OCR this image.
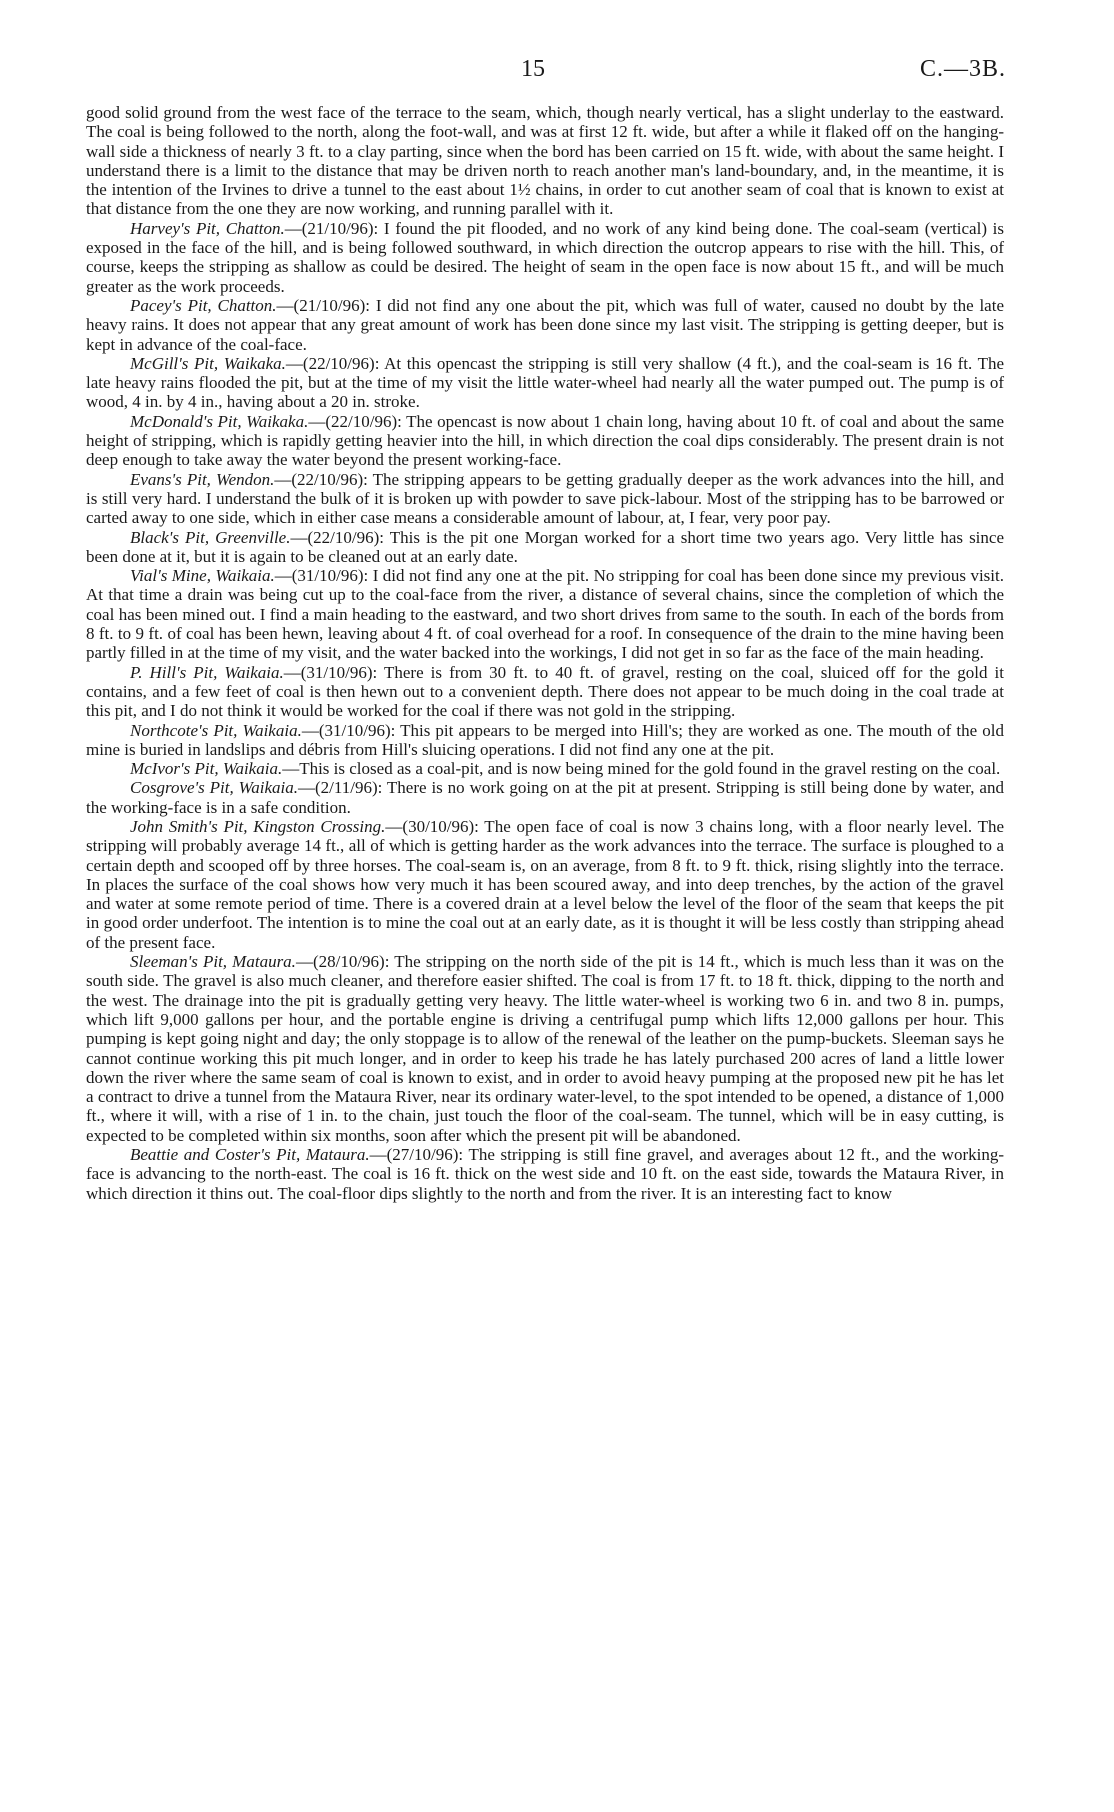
15	C.—3B.

good solid ground from the west face of the terrace to the seam, which, though nearly vertical, has a slight underlay to the eastward. The coal is being followed to the north, along the foot-wall, and was at first 12 ft. wide, but after a while it flaked off on the hanging-wall side a thickness of nearly 3 ft. to a clay parting, since when the bord has been carried on 15 ft. wide, with about the same height. I understand there is a limit to the distance that may be driven north to reach another man's land-boundary, and, in the meantime, it is the intention of the Irvines to drive a tunnel to the east about 1½ chains, in order to cut another seam of coal that is known to exist at that distance from the one they are now working, and running parallel with it.

Harvey's Pit, Chatton.—(21/10/96): I found the pit flooded, and no work of any kind being done. The coal-seam (vertical) is exposed in the face of the hill, and is being followed southward, in which direction the outcrop appears to rise with the hill. This, of course, keeps the stripping as shallow as could be desired. The height of seam in the open face is now about 15 ft., and will be much greater as the work proceeds.

Pacey's Pit, Chatton.—(21/10/96): I did not find any one about the pit, which was full of water, caused no doubt by the late heavy rains. It does not appear that any great amount of work has been done since my last visit. The stripping is getting deeper, but is kept in advance of the coal-face.

McGill's Pit, Waikaka.—(22/10/96): At this opencast the stripping is still very shallow (4 ft.), and the coal-seam is 16 ft. The late heavy rains flooded the pit, but at the time of my visit the little water-wheel had nearly all the water pumped out. The pump is of wood, 4 in. by 4 in., having about a 20 in. stroke.

McDonald's Pit, Waikaka.—(22/10/96): The opencast is now about 1 chain long, having about 10 ft. of coal and about the same height of stripping, which is rapidly getting heavier into the hill, in which direction the coal dips considerably. The present drain is not deep enough to take away the water beyond the present working-face.

Evans's Pit, Wendon.—(22/10/96): The stripping appears to be getting gradually deeper as the work advances into the hill, and is still very hard. I understand the bulk of it is broken up with powder to save pick-labour. Most of the stripping has to be barrowed or carted away to one side, which in either case means a considerable amount of labour, at, I fear, very poor pay.

Black's Pit, Greenville.—(22/10/96): This is the pit one Morgan worked for a short time two years ago. Very little has since been done at it, but it is again to be cleaned out at an early date.

Vial's Mine, Waikaia.—(31/10/96): I did not find any one at the pit. No stripping for coal has been done since my previous visit. At that time a drain was being cut up to the coal-face from the river, a distance of several chains, since the completion of which the coal has been mined out. I find a main heading to the eastward, and two short drives from same to the south. In each of the bords from 8 ft. to 9 ft. of coal has been hewn, leaving about 4 ft. of coal overhead for a roof. In consequence of the drain to the mine having been partly filled in at the time of my visit, and the water backed into the workings, I did not get in so far as the face of the main heading.

P. Hill's Pit, Waikaia.—(31/10/96): There is from 30 ft. to 40 ft. of gravel, resting on the coal, sluiced off for the gold it contains, and a few feet of coal is then hewn out to a convenient depth. There does not appear to be much doing in the coal trade at this pit, and I do not think it would be worked for the coal if there was not gold in the stripping.

Northcote's Pit, Waikaia.—(31/10/96): This pit appears to be merged into Hill's; they are worked as one. The mouth of the old mine is buried in landslips and débris from Hill's sluicing operations. I did not find any one at the pit.

McIvor's Pit, Waikaia.—This is closed as a coal-pit, and is now being mined for the gold found in the gravel resting on the coal.

Cosgrove's Pit, Waikaia.—(2/11/96): There is no work going on at the pit at present. Stripping is still being done by water, and the working-face is in a safe condition.

John Smith's Pit, Kingston Crossing.—(30/10/96): The open face of coal is now 3 chains long, with a floor nearly level. The stripping will probably average 14 ft., all of which is getting harder as the work advances into the terrace. The surface is ploughed to a certain depth and scooped off by three horses. The coal-seam is, on an average, from 8 ft. to 9 ft. thick, rising slightly into the terrace. In places the surface of the coal shows how very much it has been scoured away, and into deep trenches, by the action of the gravel and water at some remote period of time. There is a covered drain at a level below the level of the floor of the seam that keeps the pit in good order underfoot. The intention is to mine the coal out at an early date, as it is thought it will be less costly than stripping ahead of the present face.

Sleeman's Pit, Mataura.—(28/10/96): The stripping on the north side of the pit is 14 ft., which is much less than it was on the south side. The gravel is also much cleaner, and therefore easier shifted. The coal is from 17 ft. to 18 ft. thick, dipping to the north and the west. The drainage into the pit is gradually getting very heavy. The little water-wheel is working two 6 in. and two 8 in. pumps, which lift 9,000 gallons per hour, and the portable engine is driving a centrifugal pump which lifts 12,000 gallons per hour. This pumping is kept going night and day; the only stoppage is to allow of the renewal of the leather on the pump-buckets. Sleeman says he cannot continue working this pit much longer, and in order to keep his trade he has lately purchased 200 acres of land a little lower down the river where the same seam of coal is known to exist, and in order to avoid heavy pumping at the proposed new pit he has let a contract to drive a tunnel from the Mataura River, near its ordinary water-level, to the spot intended to be opened, a distance of 1,000 ft., where it will, with a rise of 1 in. to the chain, just touch the floor of the coal-seam. The tunnel, which will be in easy cutting, is expected to be completed within six months, soon after which the present pit will be abandoned.

Beattie and Coster's Pit, Mataura.—(27/10/96): The stripping is still fine gravel, and averages about 12 ft., and the working-face is advancing to the north-east. The coal is 16 ft. thick on the west side and 10 ft. on the east side, towards the Mataura River, in which direction it thins out. The coal-floor dips slightly to the north and from the river. It is an interesting fact to know
